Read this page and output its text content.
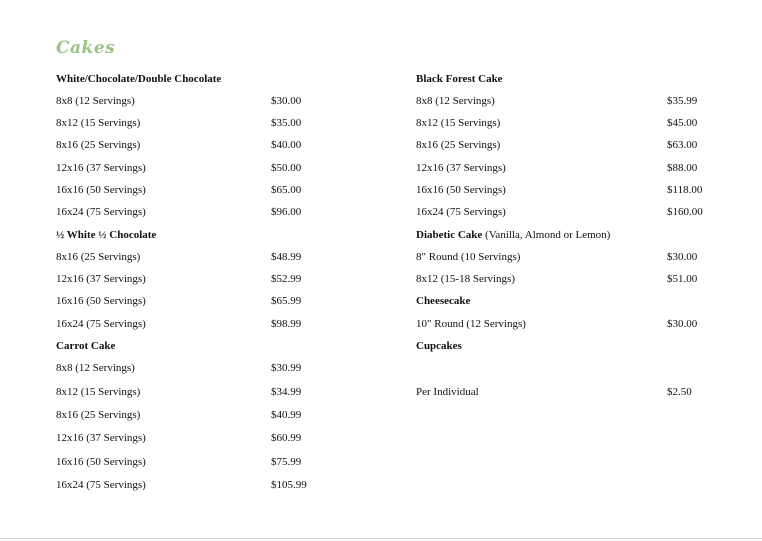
Cakes
White/Chocolate/Double Chocolate
8x8 (12 Servings)	$30.00
8x12 (15 Servings)	$35.00
8x16 (25 Servings)	$40.00
12x16 (37 Servings)	$50.00
16x16 (50 Servings)	$65.00
16x24 (75 Servings)	$96.00
½ White ½ Chocolate
8x16 (25 Servings)	$48.99
12x16 (37 Servings)	$52.99
16x16 (50 Servings)	$65.99
16x24 (75 Servings)	$98.99
Carrot Cake
8x8 (12 Servings)	$30.99
8x12 (15 Servings)	$34.99
8x16 (25 Servings)	$40.99
12x16 (37 Servings)	$60.99
16x16 (50 Servings)	$75.99
16x24 (75 Servings)	$105.99
Black Forest Cake
8x8 (12 Servings)	$35.99
8x12 (15 Servings)	$45.00
8x16 (25 Servings)	$63.00
12x16 (37 Servings)	$88.00
16x16 (50 Servings)	$118.00
16x24 (75 Servings)	$160.00
Diabetic Cake (Vanilla, Almond or Lemon)
8" Round (10 Servings)	$30.00
8x12 (15-18 Servings)	$51.00
Cheesecake
10" Round (12 Servings)	$30.00
Cupcakes
Per Individual	$2.50
